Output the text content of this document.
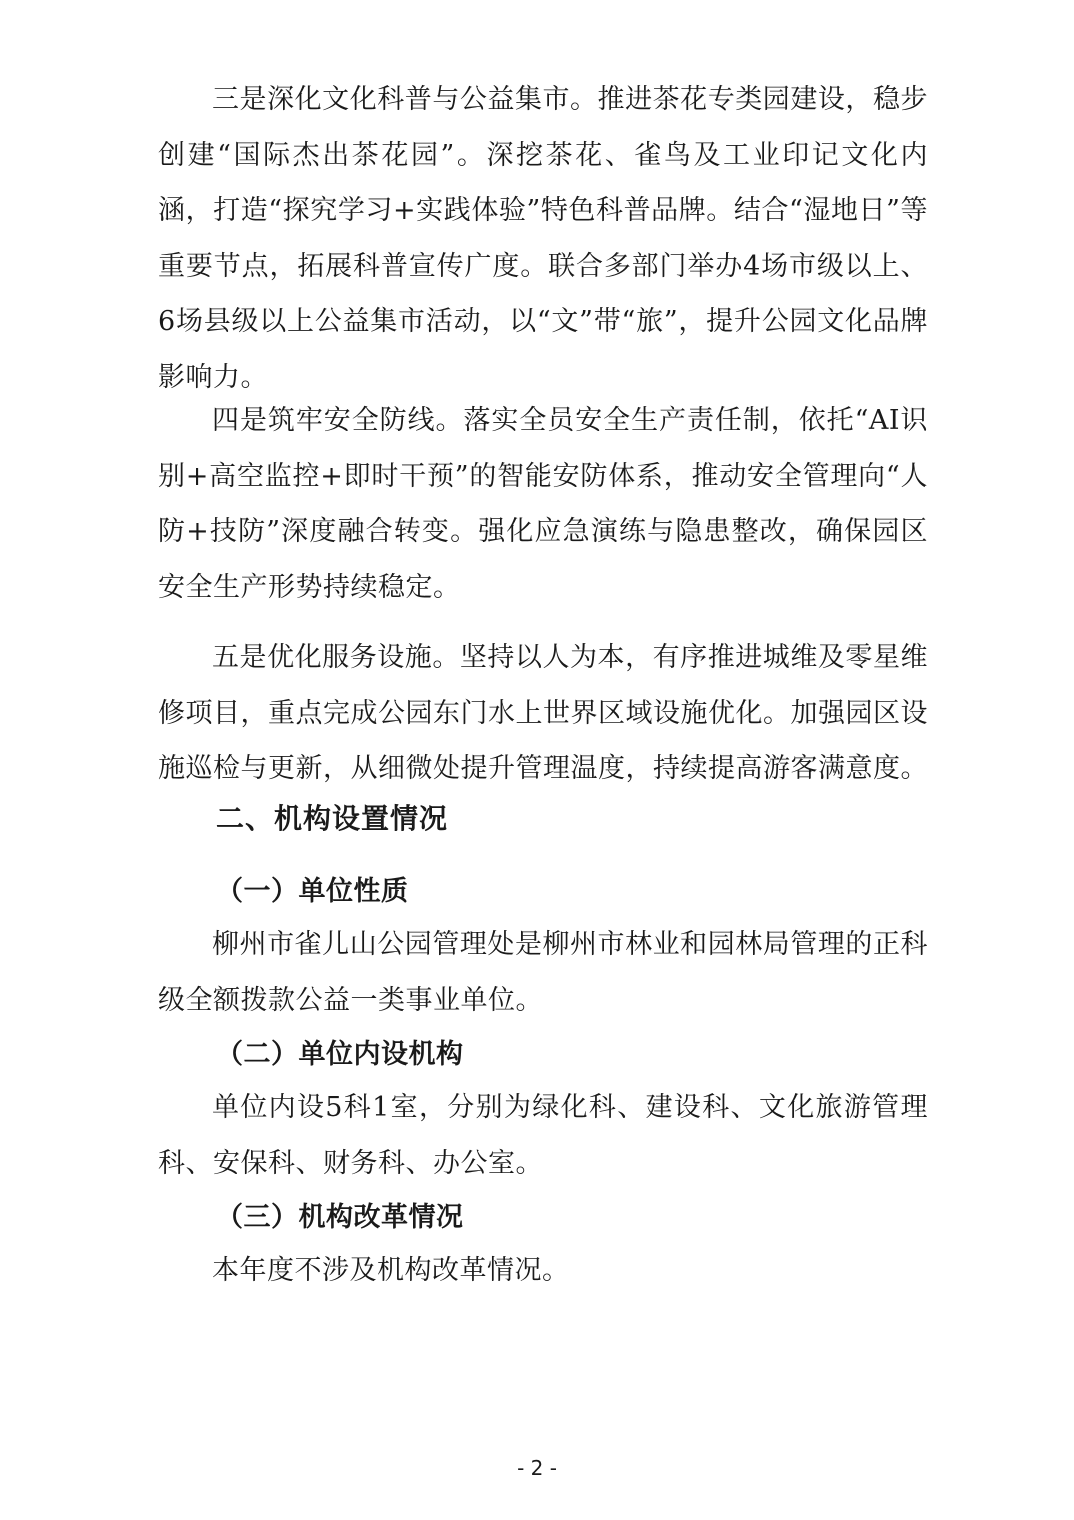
三是深化文化科普与公益集市。推进茶花专类园建设，稳步创建“国际杰出茶花园”。深挖茶花、雀鸟及工业印记文化内涵，打造“探究学习+实践体验”特色科普品牌。结合“湿地日”等重要节点，拓展科普宣传广度。联合多部门举办4场市级以上、6场县级以上公益集市活动，以“文”带“旅”，提升公园文化品牌影响力。

四是筑牢安全防线。落实全员安全生产责任制，依托“AI识别+高空监控+即时干预”的智能安防体系，推动安全管理向“人防+技防”深度融合转变。强化应急演练与隐患整改，确保园区安全生产形势持续稳定。

五是优化服务设施。坚持以人为本，有序推进城维及零星维修项目，重点完成公园东门水上世界区域设施优化。加强园区设施巡检与更新，从细微处提升管理温度，持续提高游客满意度。

二、机构设置情况
（一）单位性质

柳州市雀儿山公园管理处是柳州市林业和园林局管理的正科级全额拨款公益一类事业单位。

（二）单位内设机构

单位内设5科1室，分别为绿化科、建设科、文化旅游管理科、安保科、财务科、办公室。

（三）机构改革情况

本年度不涉及机构改革情况。

- 2 -
